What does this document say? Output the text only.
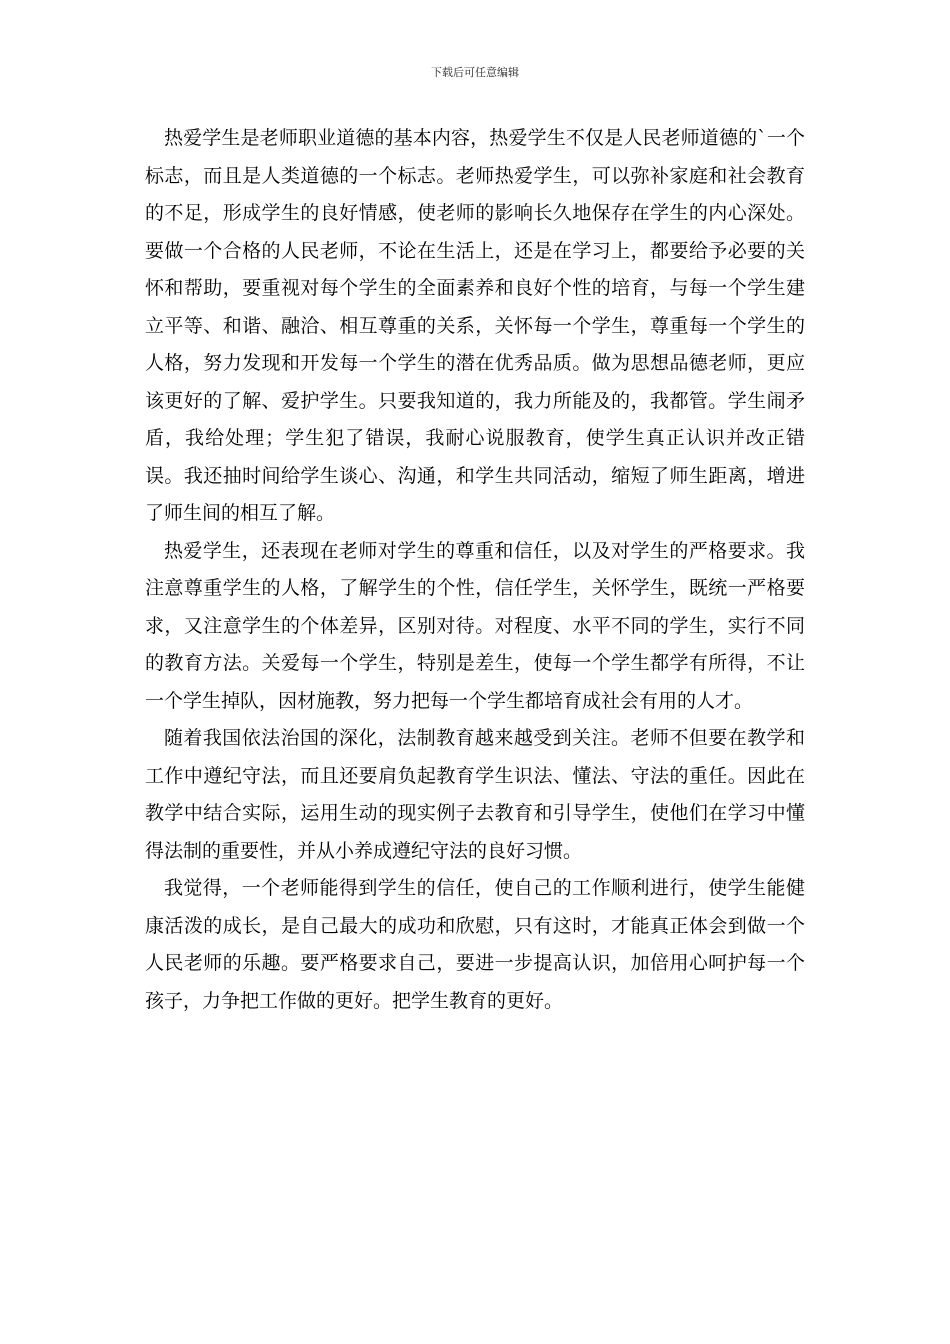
下载后可任意编辑

热爱学生是老师职业道德的基本内容，热爱学生不仅是人民老师道德的`一个标志，而且是人类道德的一个标志。老师热爱学生，可以弥补家庭和社会教育的不足，形成学生的良好情感，使老师的影响长久地保存在学生的内心深处。要做一个合格的人民老师，不论在生活上，还是在学习上，都要给予必要的关怀和帮助，要重视对每个学生的全面素养和良好个性的培育，与每一个学生建立平等、和谐、融洽、相互尊重的关系，关怀每一个学生，尊重每一个学生的人格，努力发现和开发每一个学生的潜在优秀品质。做为思想品德老师，更应该更好的了解、爱护学生。只要我知道的，我力所能及的，我都管。学生闹矛盾，我给处理；学生犯了错误，我耐心说服教育，使学生真正认识并改正错误。我还抽时间给学生谈心、沟通，和学生共同活动，缩短了师生距离，增进了师生间的相互了解。

热爱学生，还表现在老师对学生的尊重和信任，以及对学生的严格要求。我注意尊重学生的人格，了解学生的个性，信任学生，关怀学生，既统一严格要求，又注意学生的个体差异，区别对待。对程度、水平不同的学生，实行不同的教育方法。关爱每一个学生，特别是差生，使每一个学生都学有所得，不让一个学生掉队，因材施教，努力把每一个学生都培育成社会有用的人才。

随着我国依法治国的深化，法制教育越来越受到关注。老师不但要在教学和工作中遵纪守法，而且还要肩负起教育学生识法、懂法、守法的重任。因此在教学中结合实际，运用生动的现实例子去教育和引导学生，使他们在学习中懂得法制的重要性，并从小养成遵纪守法的良好习惯。

我觉得，一个老师能得到学生的信任，使自己的工作顺利进行，使学生能健康活泼的成长，是自己最大的成功和欣慰，只有这时，才能真正体会到做一个人民老师的乐趣。要严格要求自己，要进一步提高认识，加倍用心呵护每一个孩子，力争把工作做的更好。把学生教育的更好。
